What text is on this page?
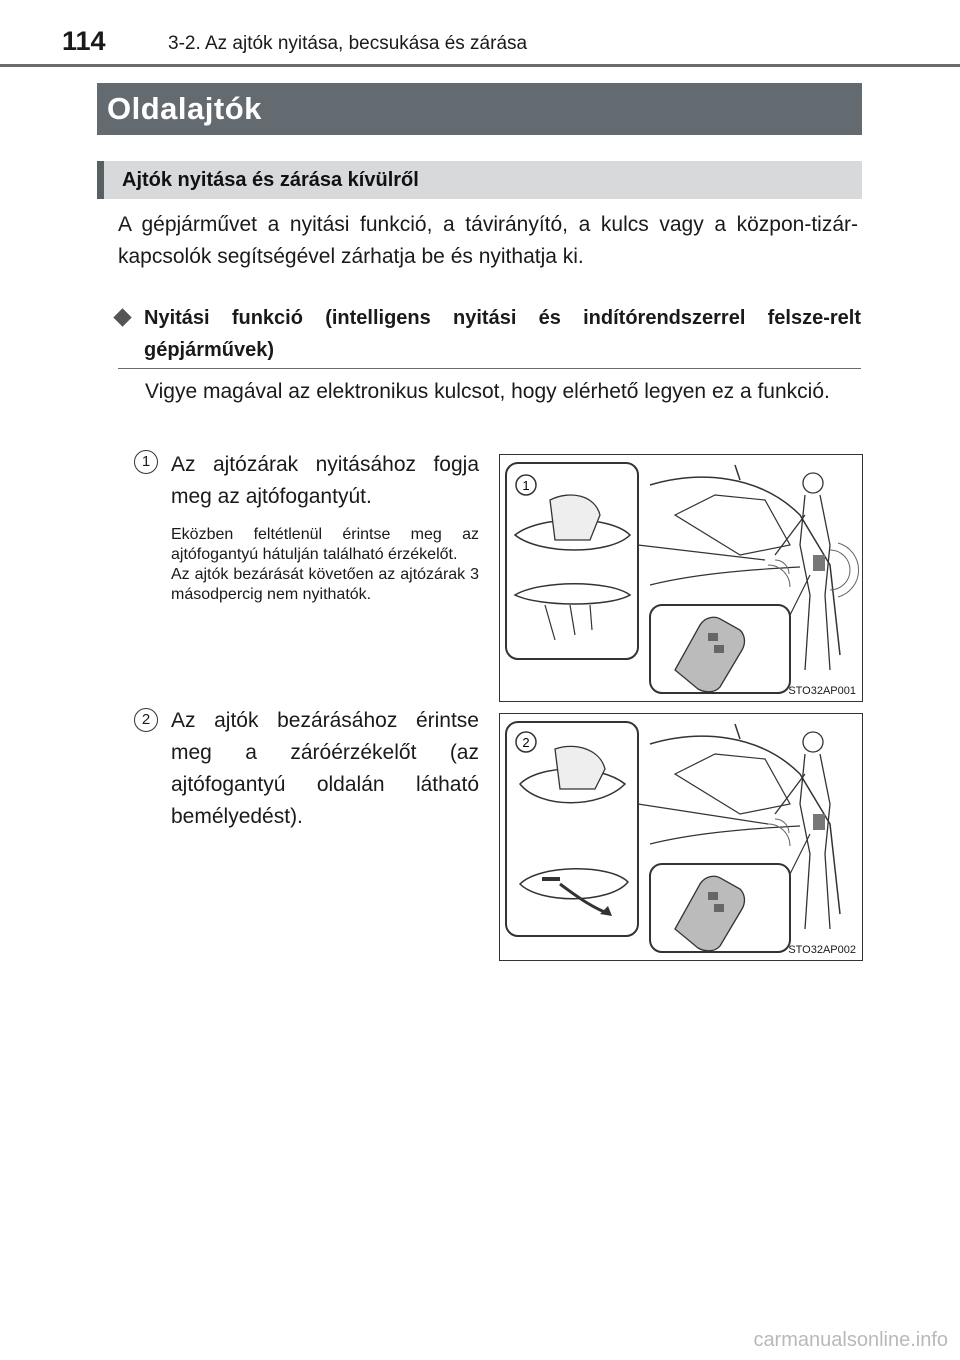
114	3-2. Az ajtók nyitása, becsukása és zárása
Oldalajtók
Ajtók nyitása és zárása kívülről
A gépjárművet a nyitási funkció, a távirányító, a kulcs vagy a közpon-tizár-kapcsolók segítségével zárhatja be és nyithatja ki.
Nyitási funkció (intelligens nyitási és indítórendszerrel felsze-relt gépjárművek)
Vigye magával az elektronikus kulcsot, hogy elérhető legyen ez a funkció.
1 Az ajtózárak nyitásához fogja meg az ajtófogantyút.
Eközben feltétlenül érintse meg az ajtófogantyú hátulján található érzékelőt.
Az ajtók bezárását követően az ajtózárak 3 másodpercig nem nyithatók.
2 Az ajtók bezárásához érintse meg a záróérzékelőt (az ajtófogantyú oldalán látható bemélyedést).
1
STO32AP001
2
STO32AP002
carmanualsonline.info
